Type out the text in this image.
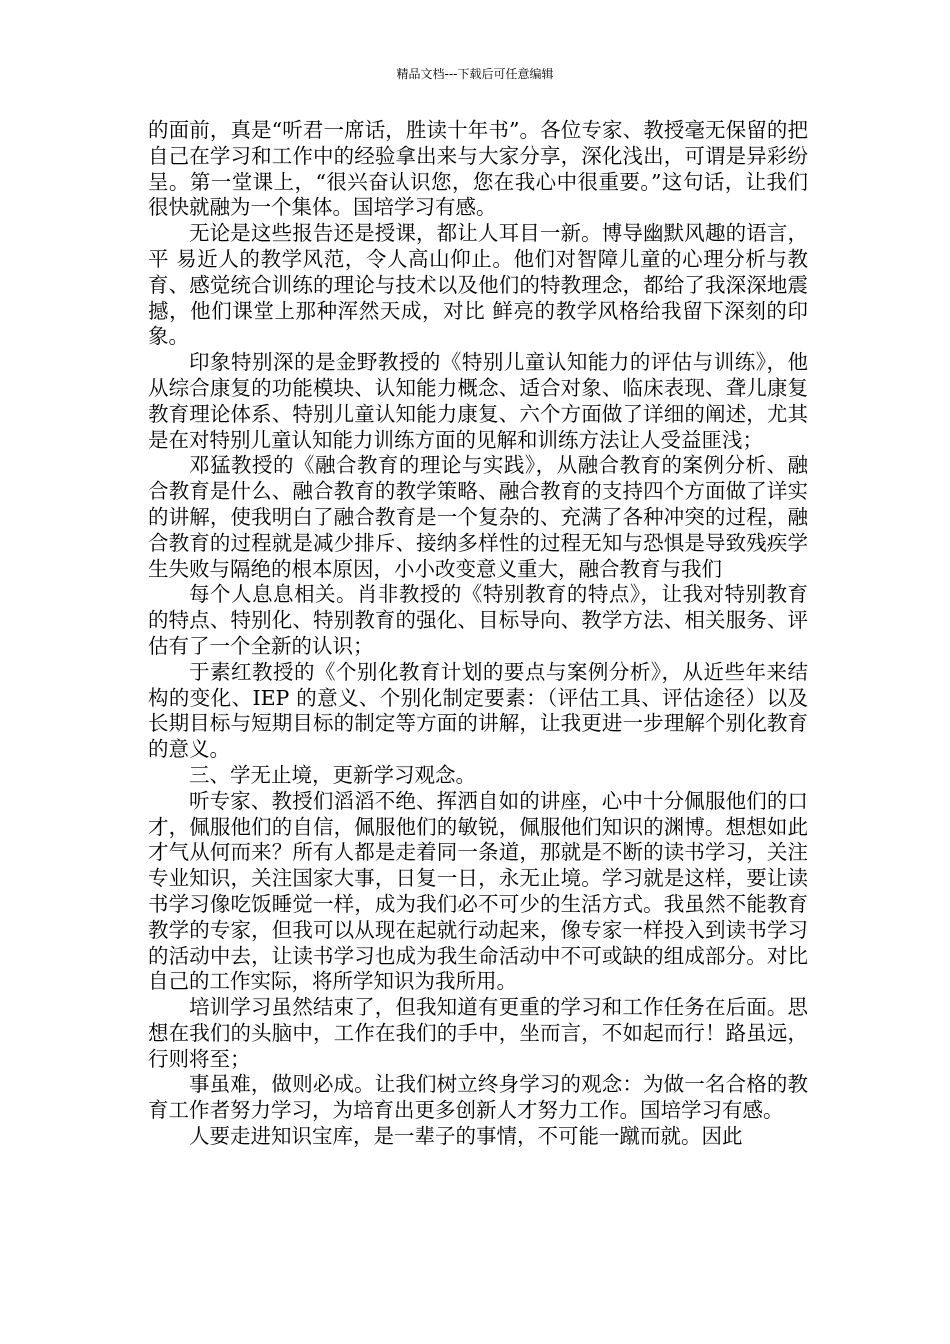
精品文档---下载后可任意编辑

的面前，真是“听君一席话，胜读十年书”。各位专家、教授毫无保留的把自己在学习和工作中的经验拿出来与大家分享，深化浅出，可谓是异彩纷呈。第一堂课上，“很兴奋认识您，您在我心中很重要。”这句话，让我们很快就融为一个集体。国培学习有感。

无论是这些报告还是授课，都让人耳目一新。博导幽默风趣的语言，平 易近人的教学风范，令人高山仰止。他们对智障儿童的心理分析与教育、感觉统合训练的理论与技术以及他们的特教理念，都给了我深深地震撼，他们课堂上那种浑然天成，对比 鲜亮的教学风格给我留下深刻的印象。

印象特别深的是金野教授的《特别儿童认知能力的评估与训练》，他从综合康复的功能模块、认知能力概念、适合对象、临床表现、聋儿康复教育理论体系、特别儿童认知能力康复、六个方面做了详细的阐述，尤其是在对特别儿童认知能力训练方面的见解和训练方法让人受益匪浅；

邓猛教授的《融合教育的理论与实践》，从融合教育的案例分析、融合教育是什么、融合教育的教学策略、融合教育的支持四个方面做了详实的讲解，使我明白了融合教育是一个复杂的、充满了各种冲突的过程，融合教育的过程就是减少排斥、接纳多样性的过程无知与恐惧是导致残疾学生失败与隔绝的根本原因，小小改变意义重大，融合教育与我们

每个人息息相关。肖非教授的《特别教育的特点》，让我对特别教育的特点、特别化、特别教育的强化、目标导向、教学方法、相关服务、评估有了一个全新的认识；

于素红教授的《个别化教育计划的要点与案例分析》，从近些年来结构的变化、IEP 的意义、个别化制定要素：（评估工具、评估途径）以及长期目标与短期目标的制定等方面的讲解，让我更进一步理解个别化教育的意义。

三、学无止境，更新学习观念。

听专家、教授们滔滔不绝、挥洒自如的讲座，心中十分佩服他们的口才，佩服他们的自信，佩服他们的敏锐，佩服他们知识的渊博。想想如此才气从何而来？所有人都是走着同一条道，那就是不断的读书学习，关注专业知识，关注国家大事，日复一日，永无止境。学习就是这样，要让读书学习像吃饭睡觉一样，成为我们必不可少的生活方式。我虽然不能教育教学的专家，但我可以从现在起就行动起来，像专家一样投入到读书学习的活动中去，让读书学习也成为我生命活动中不可或缺的组成部分。对比自己的工作实际，将所学知识为我所用。

培训学习虽然结束了，但我知道有更重的学习和工作任务在后面。思想在我们的头脑中，工作在我们的手中，坐而言，不如起而行！路虽远，行则将至；

事虽难，做则必成。让我们树立终身学习的观念：为做一名合格的教育工作者努力学习，为培育出更多创新人才努力工作。国培学习有感。

人要走进知识宝库，是一辈子的事情，不可能一蹴而就。因此
